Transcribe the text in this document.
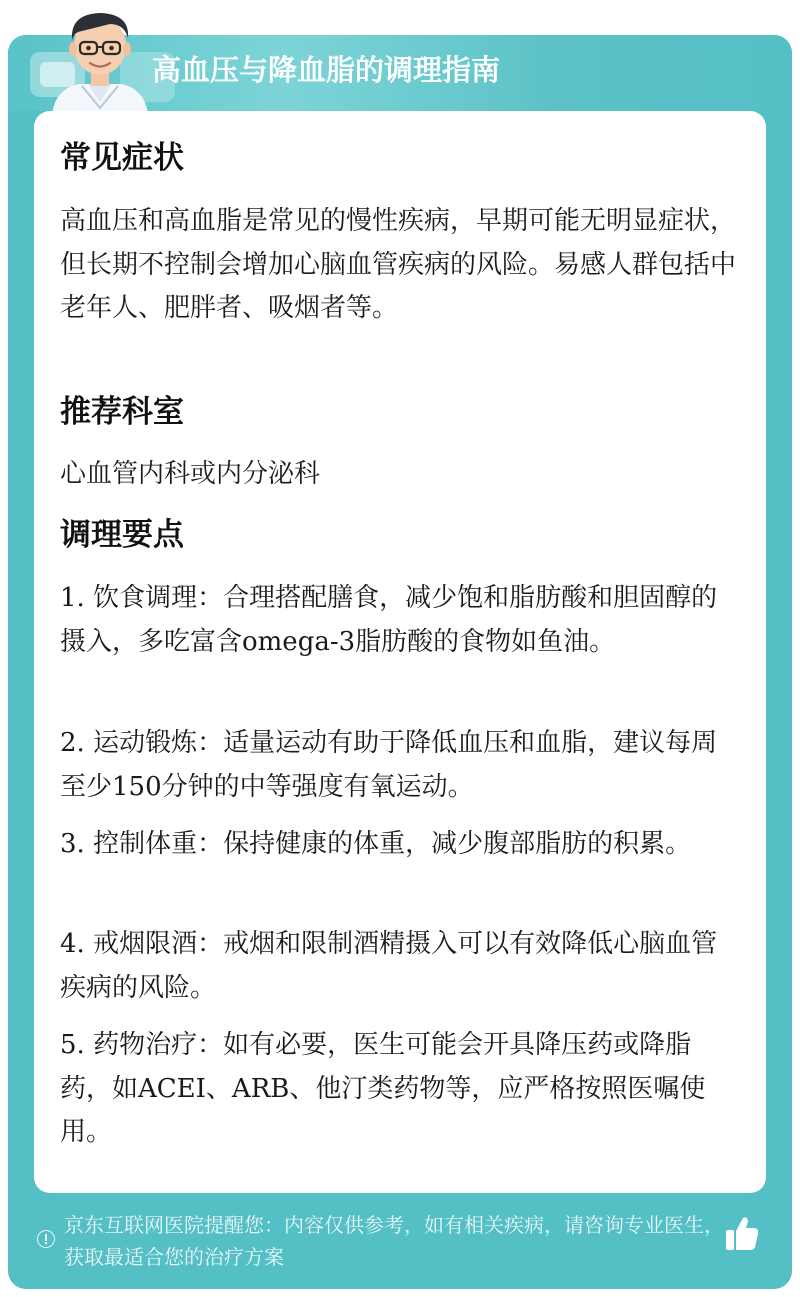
高血压与降血脂的调理指南
常见症状

高血压和高血脂是常见的慢性疾病，早期可能无明显症状，但长期不控制会增加心脑血管疾病的风险。易感人群包括中老年人、肥胖者、吸烟者等。

推荐科室

心血管内科或内分泌科

调理要点

1. 饮食调理：合理搭配膳食，减少饱和脂肪酸和胆固醇的摄入，多吃富含omega-3脂肪酸的食物如鱼油。

2. 运动锻炼：适量运动有助于降低血压和血脂，建议每周至少150分钟的中等强度有氧运动。

3. 控制体重：保持健康的体重，减少腹部脂肪的积累。

4. 戒烟限酒：戒烟和限制酒精摄入可以有效降低心脑血管疾病的风险。

5. 药物治疗：如有必要，医生可能会开具降压药或降脂药，如ACEI、ARB、他汀类药物等，应严格按照医嘱使用。

京东互联网医院提醒您：内容仅供参考，如有相关疾病，请咨询专业医生，获取最适合您的治疗方案
